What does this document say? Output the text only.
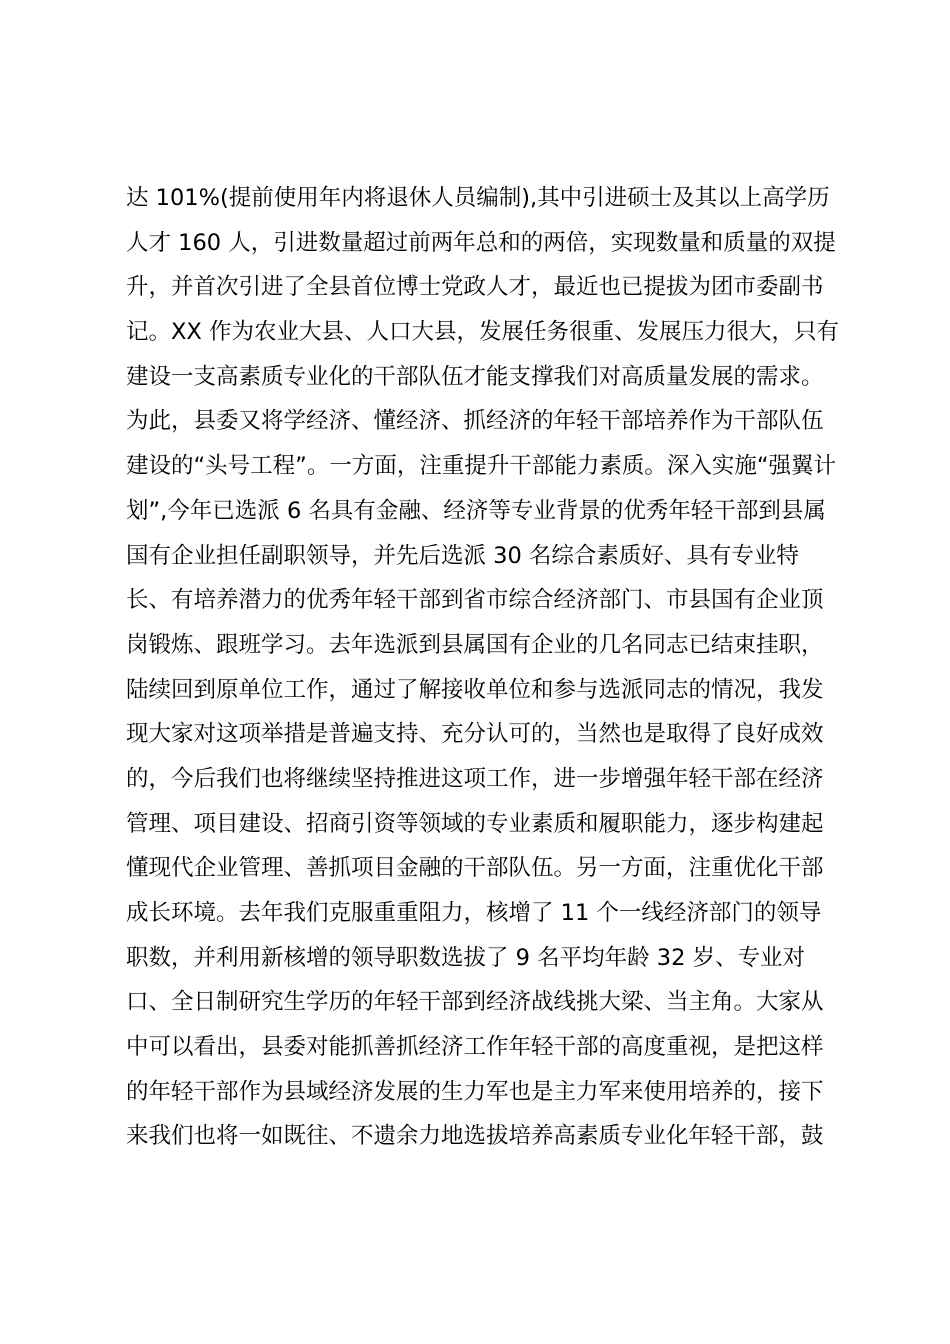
达 101%(提前使用年内将退休人员编制),其中引进硕士及其以上高学历
人才 160 人，引进数量超过前两年总和的两倍，实现数量和质量的双提
升，并首次引进了全县首位博士党政人才，最近也已提拔为团市委副书
记。XX 作为农业大县、人口大县，发展任务很重、发展压力很大，只有
建设一支高素质专业化的干部队伍才能支撑我们对高质量发展的需求。
为此，县委又将学经济、懂经济、抓经济的年轻干部培养作为干部队伍
建设的“头号工程”。一方面，注重提升干部能力素质。深入实施“强翼计
划”,今年已选派 6 名具有金融、经济等专业背景的优秀年轻干部到县属
国有企业担任副职领导，并先后选派 30 名综合素质好、具有专业特
长、有培养潜力的优秀年轻干部到省市综合经济部门、市县国有企业顶
岗锻炼、跟班学习。去年选派到县属国有企业的几名同志已结束挂职，
陆续回到原单位工作，通过了解接收单位和参与选派同志的情况，我发
现大家对这项举措是普遍支持、充分认可的，当然也是取得了良好成效
的，今后我们也将继续坚持推进这项工作，进一步增强年轻干部在经济
管理、项目建设、招商引资等领域的专业素质和履职能力，逐步构建起
懂现代企业管理、善抓项目金融的干部队伍。另一方面，注重优化干部
成长环境。去年我们克服重重阻力，核增了 11 个一线经济部门的领导
职数，并利用新核增的领导职数选拔了 9 名平均年龄 32 岁、专业对
口、全日制研究生学历的年轻干部到经济战线挑大梁、当主角。大家从
中可以看出，县委对能抓善抓经济工作年轻干部的高度重视，是把这样
的年轻干部作为县域经济发展的生力军也是主力军来使用培养的，接下
来我们也将一如既往、不遗余力地选拔培养高素质专业化年轻干部，鼓
